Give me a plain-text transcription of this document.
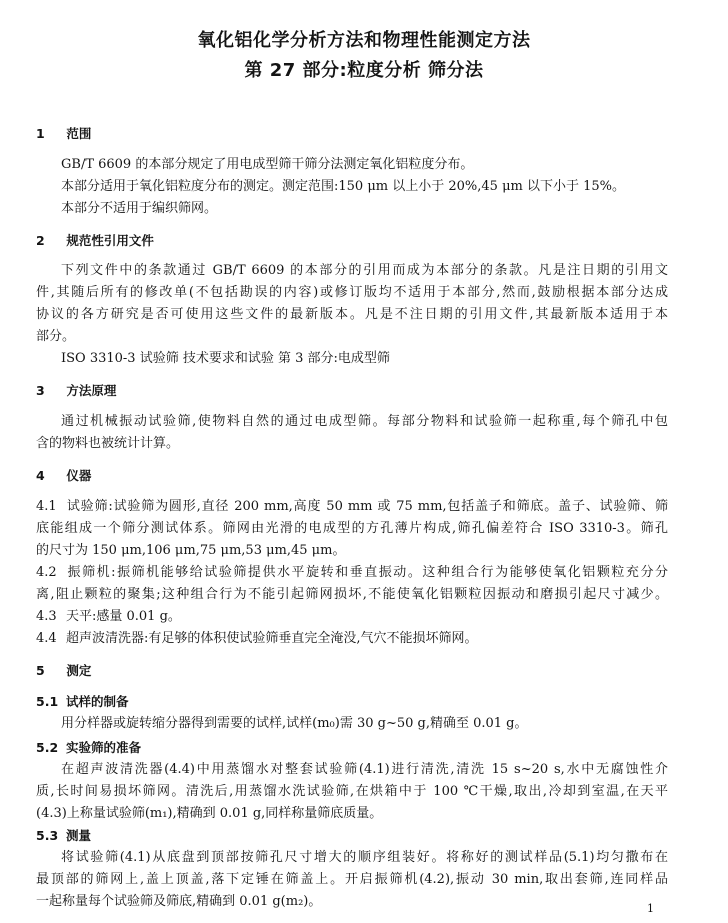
氧化铝化学分析方法和物理性能测定方法
第 27 部分:粒度分析 筛分法
1 范围
GB/T 6609 的本部分规定了用电成型筛干筛分法测定氧化铝粒度分布。
本部分适用于氧化铝粒度分布的测定。测定范围:150 μm 以上小于 20%,45 μm 以下小于 15%。
本部分不适用于编织筛网。
2 规范性引用文件
下列文件中的条款通过 GB/T 6609 的本部分的引用而成为本部分的条款。凡是注日期的引用文
件,其随后所有的修改单(不包括勘误的内容)或修订版均不适用于本部分,然而,鼓励根据本部分达成
协议的各方研究是否可使用这些文件的最新版本。凡是不注日期的引用文件,其最新版本适用于本
部分。
ISO 3310-3 试验筛 技术要求和试验 第 3 部分:电成型筛
3 方法原理
通过机械振动试验筛,使物料自然的通过电成型筛。每部分物料和试验筛一起称重,每个筛孔中包
含的物料也被统计计算。
4 仪器
4.1 试验筛:试验筛为圆形,直径 200 mm,高度 50 mm 或 75 mm,包括盖子和筛底。盖子、试验筛、筛
底能组成一个筛分测试体系。筛网由光滑的电成型的方孔薄片构成,筛孔偏差符合 ISO 3310-3。筛孔
的尺寸为 150 μm,106 μm,75 μm,53 μm,45 μm。
4.2 振筛机:振筛机能够给试验筛提供水平旋转和垂直振动。这种组合行为能够使氧化铝颗粒充分分
离,阻止颗粒的聚集;这种组合行为不能引起筛网损坏,不能使氧化铝颗粒因振动和磨损引起尺寸减少。
4.3 天平:感量 0.01 g。
4.4 超声波清洗器:有足够的体积使试验筛垂直完全淹没,气穴不能损坏筛网。
5 测定
5.1 试样的制备
用分样器或旋转缩分器得到需要的试样,试样(m₀)需 30 g~50 g,精确至 0.01 g。
5.2 实验筛的准备
在超声波清洗器(4.4)中用蒸馏水对整套试验筛(4.1)进行清洗,清洗 15 s~20 s,水中无腐蚀性介
质,长时间易损坏筛网。清洗后,用蒸馏水洗试验筛,在烘箱中于 100 ℃干燥,取出,冷却到室温,在天平
(4.3)上称量试验筛(m₁),精确到 0.01 g,同样称量筛底质量。
5.3 测量
将试验筛(4.1)从底盘到顶部按筛孔尺寸增大的顺序组装好。将称好的测试样品(5.1)均匀撒布在
最顶部的筛网上,盖上顶盖,落下定锤在筛盖上。开启振筛机(4.2),振动 30 min,取出套筛,连同样品
一起称量每个试验筛及筛底,精确到 0.01 g(m₂)。	1
